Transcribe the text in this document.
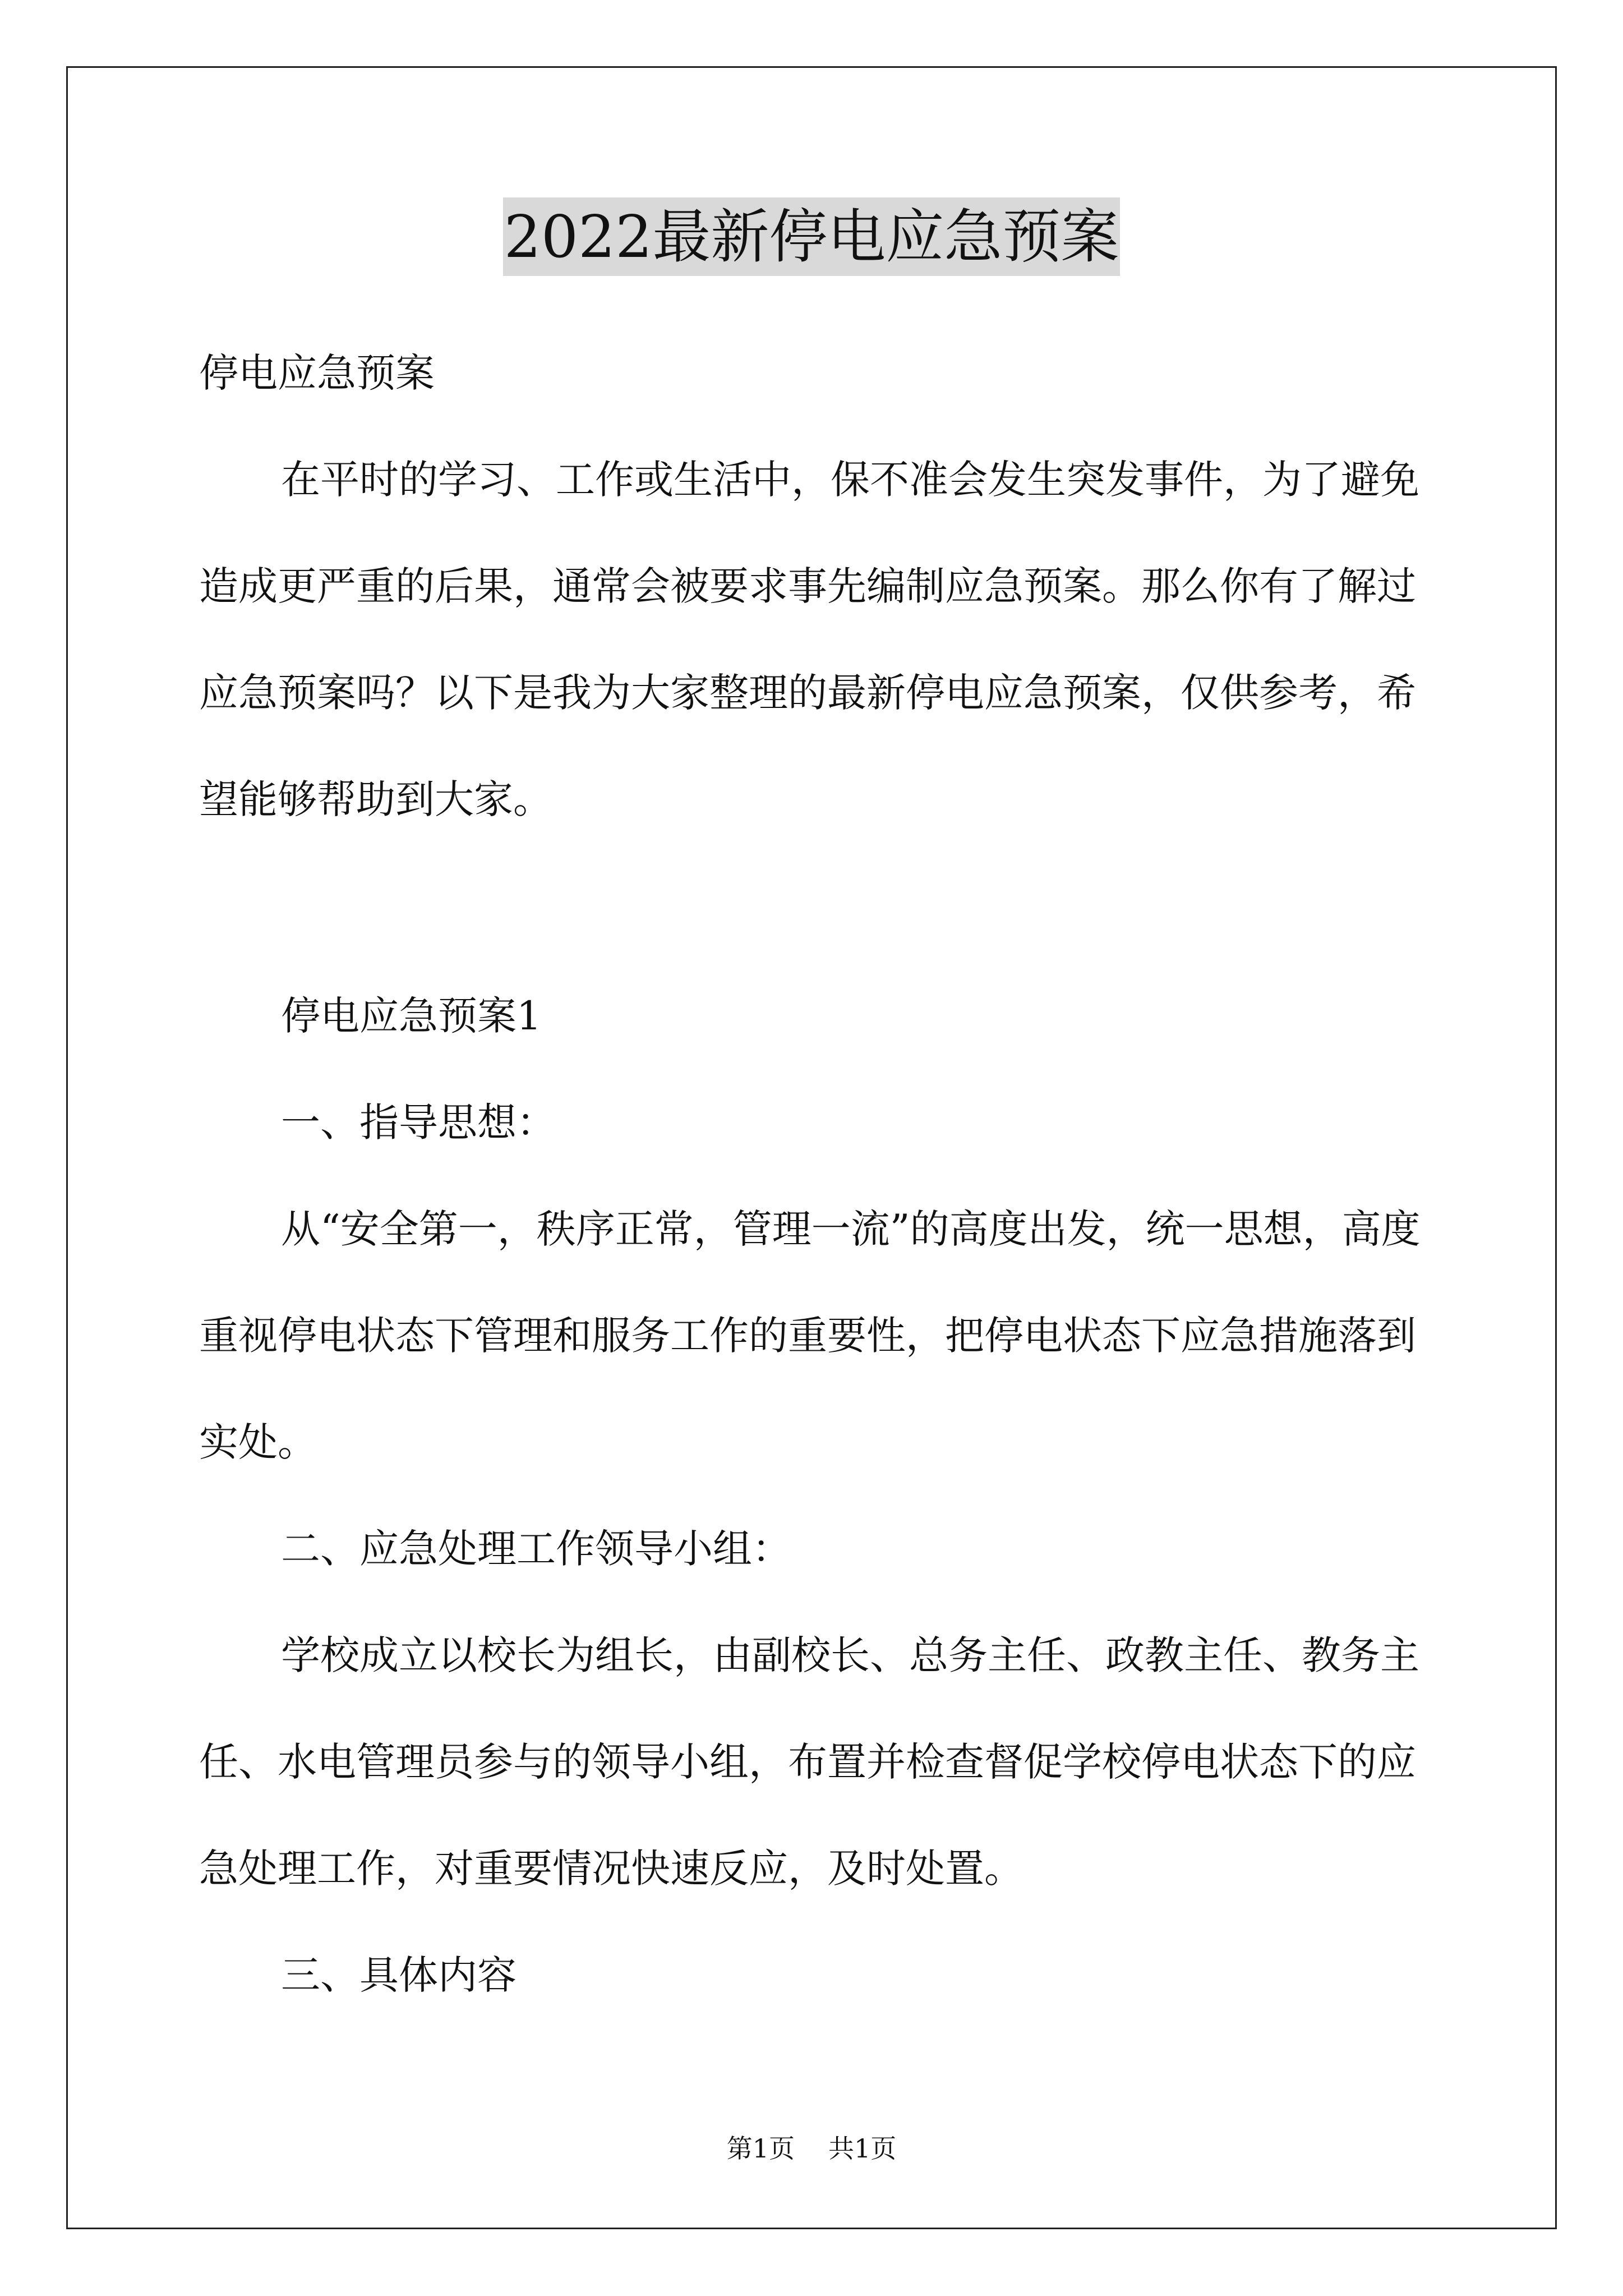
2022最新停电应急预案

停电应急预案

在平时的学习、工作或生活中，保不准会发生突发事件，为了避免造成更严重的后果，通常会被要求事先编制应急预案。那么你有了解过应急预案吗？以下是我为大家整理的最新停电应急预案，仅供参考，希望能够帮助到大家。

停电应急预案1

一、指导思想：

从“安全第一，秩序正常，管理一流”的高度出发，统一思想，高度重视停电状态下管理和服务工作的重要性，把停电状态下应急措施落到实处。

二、应急处理工作领导小组：

学校成立以校长为组长，由副校长、总务主任、政教主任、教务主任、水电管理员参与的领导小组，布置并检查督促学校停电状态下的应急处理工作，对重要情况快速反应，及时处置。

三、具体内容

第1页 共1页
